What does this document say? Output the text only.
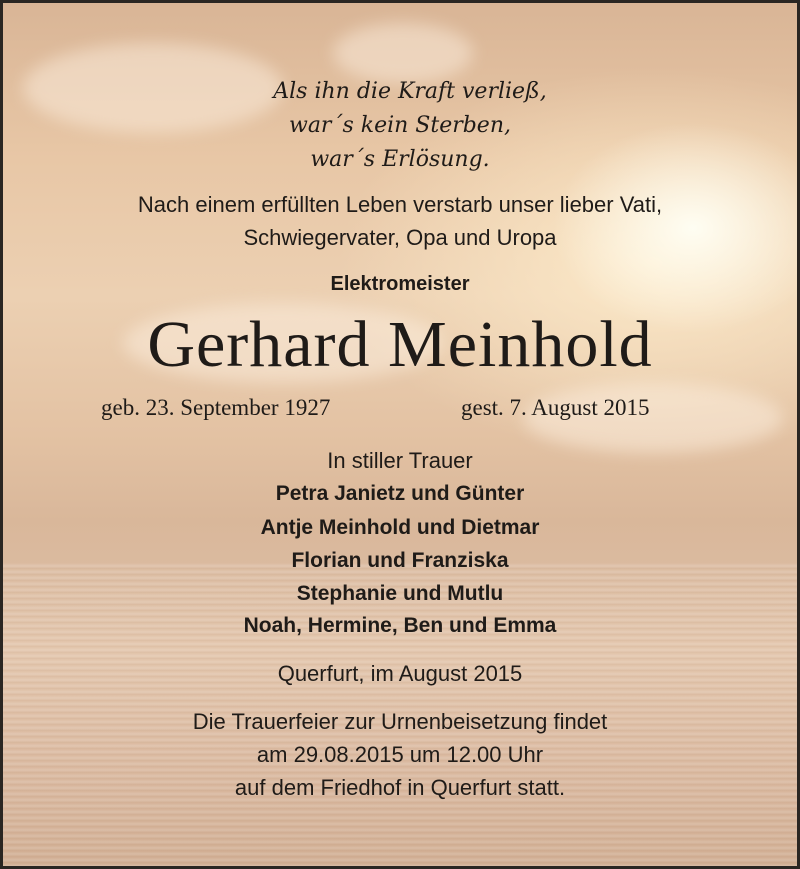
Als ihn die Kraft verließ,
war´s kein Sterben,
war´s Erlösung.
Nach einem erfüllten Leben verstarb unser lieber Vati,
Schwiegervater, Opa und Uropa
Elektromeister
Gerhard Meinhold
geb. 23. September 1927	gest. 7. August 2015
In stiller Trauer
Petra Janietz und Günter
Antje Meinhold und Dietmar
Florian und Franziska
Stephanie und Mutlu
Noah, Hermine, Ben und Emma
Querfurt, im August 2015
Die Trauerfeier zur Urnenbeisetzung findet
am 29.08.2015 um 12.00 Uhr
auf dem Friedhof in Querfurt statt.
